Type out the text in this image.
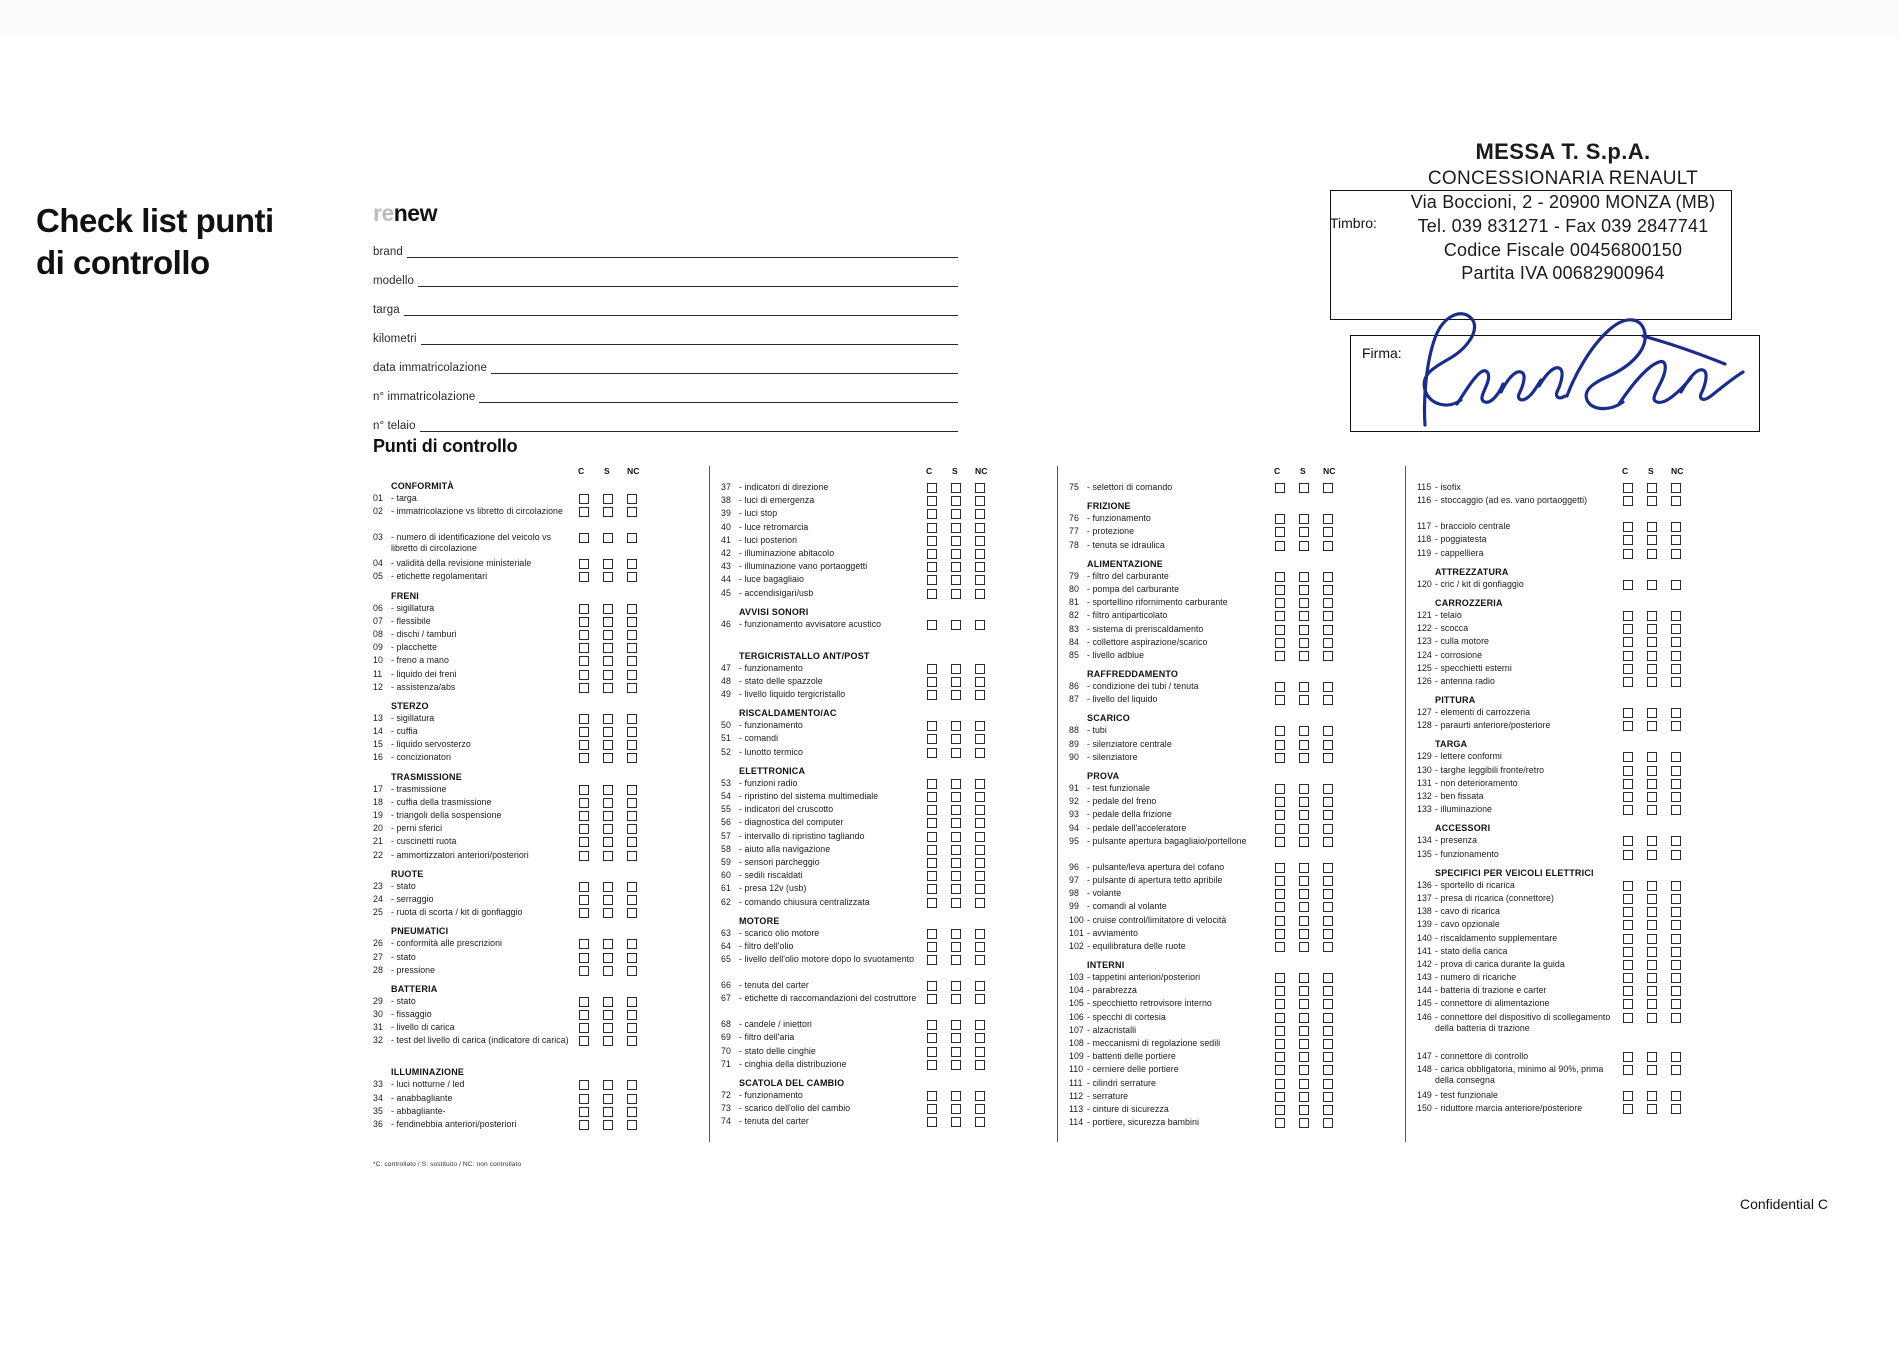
Check list punti di controllo
renew
brand
modello
targa
kilometri
data immatricolazione
n° immatricolazione
n° telaio
Punti di controllo
C S NC
CONFORMITÀ
01 - targa
02 - immatricolazione vs libretto di circolazione
03 - numero di identificazione del veicolo vs libretto di circolazione
04 - validità della revisione ministeriale
05 - etichette regolamentari
FRENI
06 - sigillatura
07 - flessibile
08 - dischi / tamburi
09 - placchette
10 - freno a mano
11 - liquido dei freni
12 - assistenza/abs
STERZO
13 - sigillatura
14 - cuffia
15 - liquido servosterzo
16 - concizionatori
TRASMISSIONE
17 - trasmissione
18 - cuffia della trasmissione
19 - triangoli della sospensione
20 - perni sferici
21 - cuscinetti ruota
22 - ammortizzatori anteriori/posteriori
RUOTE
23 - stato
24 - serraggio
25 - ruota di scorta / kit di gonfiaggio
PNEUMATICI
26 - conformità alle prescrizioni
27 - stato
28 - pressione
BATTERIA
29 - stato
30 - fissaggio
31 - livello di carica
32 - test del livello di carica (indicatore di carica)
ILLUMINAZIONE
33 - luci notturne / led
34 - anabbagliante
35 - abbagliante-
36 - fendinebbia anteriori/posteriori
C S NC
37 - indicatori di direzione
38 - luci di emergenza
39 - luci stop
40 - luce retromarcia
41 - luci posteriori
42 - illuminazione abitacolo
43 - illuminazione vano portaoggetti
44 - luce bagagliaio
45 - accendisigari/usb
AVVISI SONORI
46 - funzionamento avvisatore acustico
TERGICRISTALLO ANT/POST
47 - funzionamento
48 - stato delle spazzole
49 - livello liquido tergicristallo
RISCALDAMENTO/AC
50 - funzionamento
51 - comandi
52 - lunotto termico
ELETTRONICA
53 - funzioni radio
54 - ripristino del sistema multimediale
55 - indicatori del cruscotto
56 - diagnostica del computer
57 - intervallo di ripristino tagliando
58 - aiuto alla navigazione
59 - sensori parcheggio
60 - sedili riscaldati
61 - presa 12v (usb)
62 - comando chiusura centralizzata
MOTORE
63 - scarico olio motore
64 - filtro dell'olio
65 - livello dell'olio motore dopo lo svuotamento
66 - tenuta del carter
67 - etichette di raccomandazioni del costruttore
68 - candele / iniettori
69 - filtro dell'aria
70 - stato delle cinghie
71 - cinghia della distribuzione
SCATOLA DEL CAMBIO
72 - funzionamento
73 - scarico dell'olio del cambio
74 - tenuta del carter
C S NC
75 - selettori di comando
FRIZIONE
76 - funzionamento
77 - protezione
78 - tenuta se idraulica
ALIMENTAZIONE
79 - filtro del carburante
80 - pompa del carburante
81 - sportellino rifornimento carburante
82 - filtro antiparticolato
83 - sistema di preriscaldamento
84 - collettore aspirazione/scarico
85 - livello adblue
RAFFREDDAMENTO
86 - condizione dei tubi / tenuta
87 - livello del liquido
SCARICO
88 - tubi
89 - silenziatore centrale
90 - silenziatore
PROVA
91 - test funzionale
92 - pedale del freno
93 - pedale della frizione
94 - pedale dell'acceleratore
95 - pulsante apertura bagagliaio/portellone
96 - pulsante/leva apertura del cofano
97 - pulsante di apertura tetto apribile
98 - volante
99 - comandi al volante
100 - cruise control/limitatore di velocità
101 - avviamento
102 - equilibratura delle ruote
INTERNI
103 - tappetini anteriori/posteriori
104 - parabrezza
105 - specchietto retrovisore interno
106 - specchi di cortesia
107 - alzacristalli
108 - meccanismi di regolazione sedili
109 - battenti delle portiere
110 - cerniere delle portiere
111 - cilindri serrature
112 - serrature
113 - cinture di sicurezza
114 - portiere, sicurezza bambini
C S NC
115 - isofix
116 - stoccaggio (ad es. vano portaoggetti)
117 - bracciolo centrale
118 - poggiatesta
119 - cappelliera
ATTREZZATURA
120 - cric / kit di gonfiaggio
CARROZZERIA
121 - telaio
122 - scocca
123 - culla motore
124 - corrosione
125 - specchietti esterni
126 - antenna radio
PITTURA
127 - elementi di carrozzeria
128 - paraurti anteriore/posteriore
TARGA
129 - lettere conformi
130 - targhe leggibili fronte/retro
131 - non deterioramento
132 - ben fissata
133 - illuminazione
ACCESSORI
134 - presenza
135 - funzionamento
SPECIFICI PER VEICOLI ELETTRICI
136 - sportello di ricarica
137 - presa di ricarica (connettore)
138 - cavo di ricarica
139 - cavo opzionale
140 - riscaldamento supplementare
141 - stato della carica
142 - prova di carica durante la guida
143 - numero di ricariche
144 - batteria di trazione e carter
145 - connettore di alimentazione
146 - connettore del dispositivo di scollegamento della batteria di trazione
147 - connettore di controllo
148 - carica obbligatoria, minimo al 90%, prima della consegna
149 - test funzionale
150 - riduttore marcia anteriore/posteriore
*C: controllato / S: sostituito / NC: non controllato
Timbro:
MESSA T. S.p.A.
CONCESSIONARIA RENAULT
Via Boccioni, 2 - 20900 MONZA (MB)
Tel. 039 831271 - Fax 039 2847741
Codice Fiscale 00456800150
Partita IVA 00682900964
Firma:
Confidential C
